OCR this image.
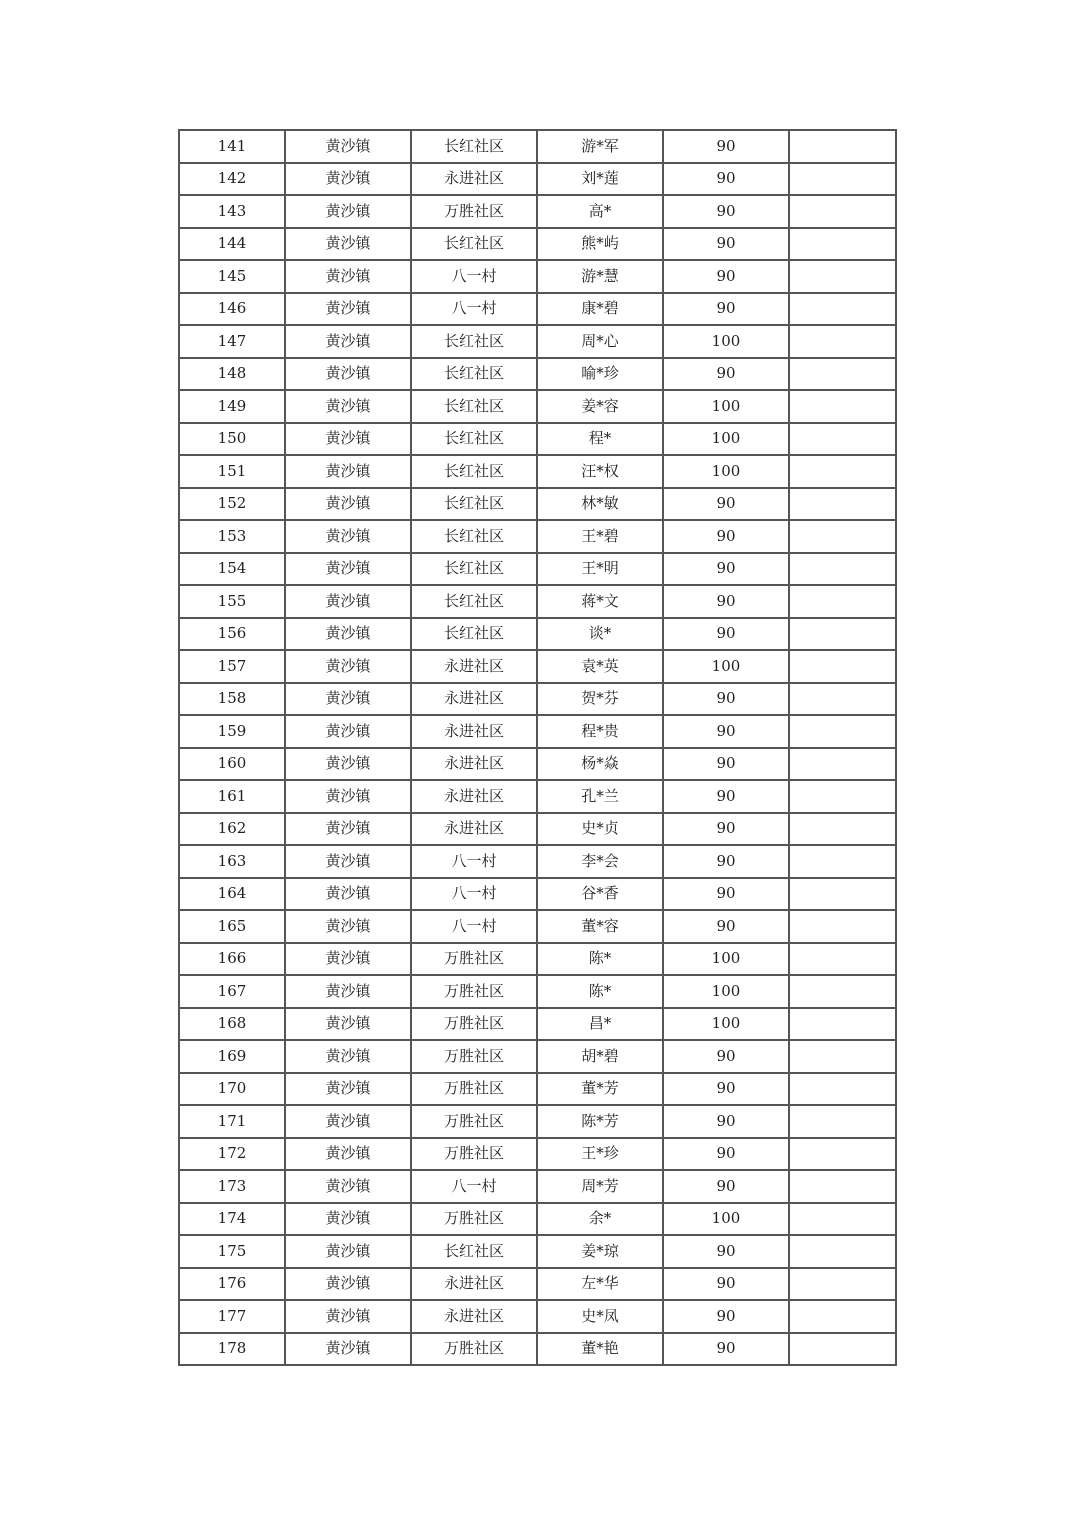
141	黄沙镇	长红社区	游*军	90	
142	黄沙镇	永进社区	刘*莲	90	
143	黄沙镇	万胜社区	高*	90	
144	黄沙镇	长红社区	熊*屿	90	
145	黄沙镇	八一村	游*慧	90	
146	黄沙镇	八一村	康*碧	90	
147	黄沙镇	长红社区	周*心	100	
148	黄沙镇	长红社区	喻*珍	90	
149	黄沙镇	长红社区	姜*容	100	
150	黄沙镇	长红社区	程*	100	
151	黄沙镇	长红社区	汪*权	100	
152	黄沙镇	长红社区	林*敏	90	
153	黄沙镇	长红社区	王*碧	90	
154	黄沙镇	长红社区	王*明	90	
155	黄沙镇	长红社区	蒋*文	90	
156	黄沙镇	长红社区	谈*	90	
157	黄沙镇	永进社区	袁*英	100	
158	黄沙镇	永进社区	贺*芬	90	
159	黄沙镇	永进社区	程*贵	90	
160	黄沙镇	永进社区	杨*焱	90	
161	黄沙镇	永进社区	孔*兰	90	
162	黄沙镇	永进社区	史*贞	90	
163	黄沙镇	八一村	李*会	90	
164	黄沙镇	八一村	谷*香	90	
165	黄沙镇	八一村	董*容	90	
166	黄沙镇	万胜社区	陈*	100	
167	黄沙镇	万胜社区	陈*	100	
168	黄沙镇	万胜社区	昌*	100	
169	黄沙镇	万胜社区	胡*碧	90	
170	黄沙镇	万胜社区	董*芳	90	
171	黄沙镇	万胜社区	陈*芳	90	
172	黄沙镇	万胜社区	王*珍	90	
173	黄沙镇	八一村	周*芳	90	
174	黄沙镇	万胜社区	余*	100	
175	黄沙镇	长红社区	姜*琼	90	
176	黄沙镇	永进社区	左*华	90	
177	黄沙镇	永进社区	史*凤	90	
178	黄沙镇	万胜社区	董*艳	90	
